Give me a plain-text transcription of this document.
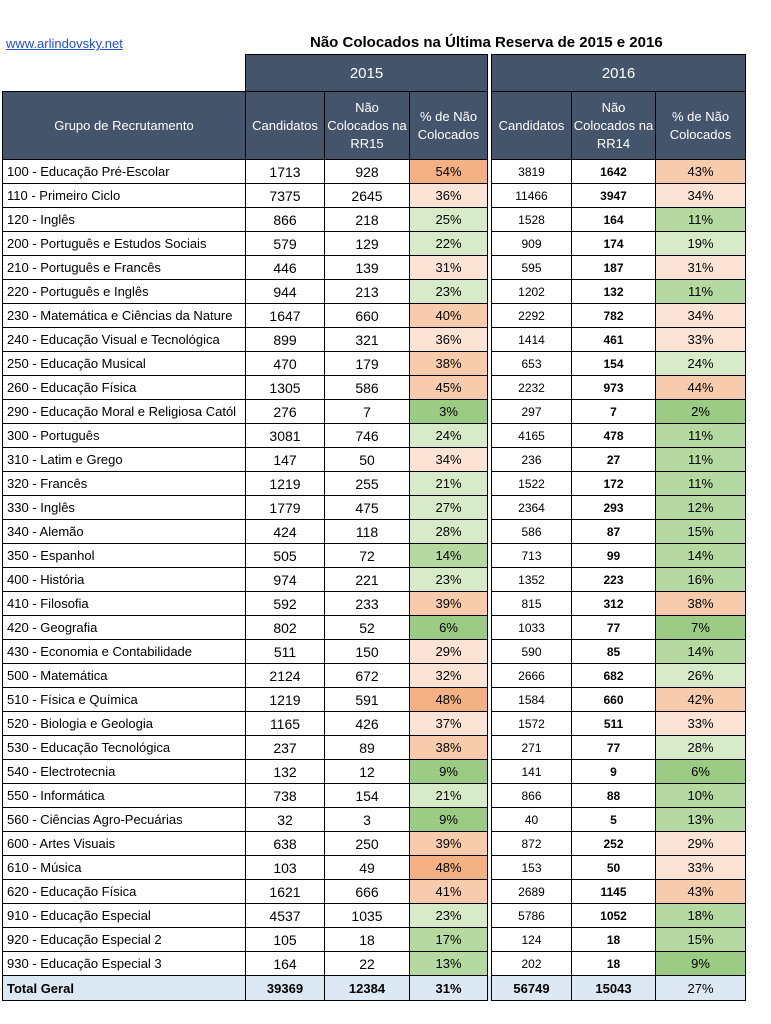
www.arlindovsky.net	Não Colocados na Última Reserva de 2015 e 2016
	2015				2016		
Grupo de Recrutamento	Candidatos	Não Colocados na RR15	% de Não Colocados		Candidatos	Não Colocados na RR14	% de Não Colocados
100 - Educação Pré-Escolar	1713	928	54%		3819	1642	43%
110 - Primeiro Ciclo	7375	2645	36%		11466	3947	34%
120 - Inglês	866	218	25%		1528	164	11%
200 - Português e Estudos Sociais	579	129	22%		909	174	19%
210 - Português e Francês	446	139	31%		595	187	31%
220 - Português e Inglês	944	213	23%		1202	132	11%
230 - Matemática e Ciências da Nature	1647	660	40%		2292	782	34%
240 - Educação Visual e Tecnológica	899	321	36%		1414	461	33%
250 - Educação Musical	470	179	38%		653	154	24%
260 - Educação Física	1305	586	45%		2232	973	44%
290 - Educação Moral e Religiosa Catól	276	7	3%		297	7	2%
300 - Português	3081	746	24%		4165	478	11%
310 - Latim e Grego	147	50	34%		236	27	11%
320 - Francês	1219	255	21%		1522	172	11%
330 - Inglês	1779	475	27%		2364	293	12%
340 - Alemão	424	118	28%		586	87	15%
350 - Espanhol	505	72	14%		713	99	14%
400 - História	974	221	23%		1352	223	16%
410 - Filosofia	592	233	39%		815	312	38%
420 - Geografia	802	52	6%		1033	77	7%
430 - Economia e Contabilidade	511	150	29%		590	85	14%
500 - Matemática	2124	672	32%		2666	682	26%
510 - Física e Química	1219	591	48%		1584	660	42%
520 - Biologia e Geologia	1165	426	37%		1572	511	33%
530 - Educação Tecnológica	237	89	38%		271	77	28%
540 - Electrotecnia	132	12	9%		141	9	6%
550 - Informática	738	154	21%		866	88	10%
560 - Ciências Agro-Pecuárias	32	3	9%		40	5	13%
600 - Artes Visuais	638	250	39%		872	252	29%
610 - Música	103	49	48%		153	50	33%
620 - Educação Física	1621	666	41%		2689	1145	43%
910 - Educação Especial	4537	1035	23%		5786	1052	18%
920 - Educação Especial 2	105	18	17%		124	18	15%
930 - Educação Especial 3	164	22	13%		202	18	9%
Total Geral	39369	12384	31%		56749	15043	27%
